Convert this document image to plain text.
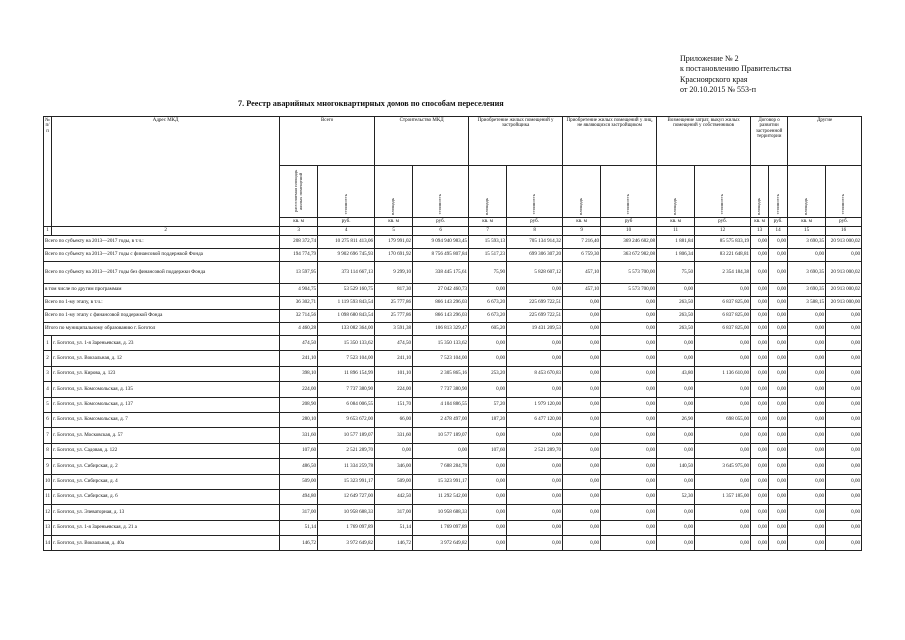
Приложение № 2
к постановлению Правительства
Красноярского края
от 20.10.2015 № 553-п
7. Реестр аварийных многоквартирных домов по способам переселения
№ п/п	Адрес МКД	Всего		Строительство МКД		Приобретение жилых помещений у застройщика		Приобретение жилых помещений у лиц, не являющихся застройщиком		Возмещение затрат, выкуп жилых помещений у собственников		Договор о развитии застроенной территории		Другие	
		расселяемая площадь жилых помещений	стоимость	площадь	стоимость	площадь	стоимость	площадь	стоимость	площадь	стоимость	площадь	стоимость	площадь	стоимость
		кв. м	руб.	кв. м	руб.	кв. м	руб.	кв. м	руб	кв. м	руб.	кв. м	руб.	кв. м	руб.
1	2	3	4	5	6	7	8	9	10	11	12	13	14	15	16
Всего по субъекту на 2013—2017 годы, в т.ч.:		208 372,74	10 275 811 413,06	179 991,02	9 094 940 983,45	15 593,13	705 134 914,32	7 216,40	369 246 682,08	1 881,84	85 575 833,19	0,00	0,00	3 690,35	20 913 000,02
Всего по субъекту на 2013—2017 годы с финансовой поддержкой Фонда		194 774,79	9 902 696 745,93	170 691,92	8 756 495 807,84	15 517,23	699 306 307,20	6 759,30	363 672 982,08	1 806,34	83 221 648,81	0,00	0,00	0,00	0,00
Всего по субъекту на 2013—2017 годы без финансовой поддержки Фонда		13 597,95	373 114 667,13	9 299,10	338 445 175,61	75,90	5 828 607,12	457,10	5 573 700,00	75,50	2 354 184,38	0,00	0,00	3 690,35	20 913 000,02
в том числе по другим программам		4 904,75	53 529 160,75	817,30	27 042 460,73	0,00	0,00	457,10	5 573 700,00	0,00	0,00	0,00	0,00	3 690,35	20 913 000,02
Всего по 1-му этапу, в т.ч.:		36 302,71	1 119 593 843,54	25 777,86	866 143 296,03	6 673,20	225 699 722,51	0,00	0,00	263,50	6 837 825,00	0,00	0,00	3 588,15	20 913 000,00
Всего по 1-му этапу с финансовой поддержкой Фонда		32 714,56	1 098 680 843,54	25 777,86	866 143 296,03	6 673,20	225 699 722,51	0,00	0,00	263,50	6 837 825,00	0,00	0,00	0,00	0,00
Итого по муниципальному образованию г. Боготол		4 460,28	133 082 364,00	3 591,38	106 813 329,47	605,20	19 431 209,53	0,00	0,00	263,50	6 837 825,00	0,00	0,00	0,00	0,00
1	г. Боготол, ул. 1-я Зареньевская, д. 23	474,50	15 350 133,62	474,50	15 350 133,62	0,00	0,00	0,00	0,00	0,00	0,00	0,00	0,00	0,00	0,00
2	г. Боготол, ул. Вокзальная, д. 12	241,10	7 523 104,00	241,10	7 523 104,00	0,00	0,00	0,00	0,00	0,00	0,00	0,00	0,00	0,00	0,00
3	г. Боготол, ул. Кирова, д. 123	398,10	11 896 154,99	101,10	2 305 865,16	253,20	8 453 670,83	0,00	0,00	43,80	1 136 610,00	0,00	0,00	0,00	0,00
4	г. Боготол, ул. Комсомольская, д. 135	224,00	7 737 380,90	224,00	7 737 380,90	0,00	0,00	0,00	0,00	0,00	0,00	0,00	0,00	0,00	0,00
5	г. Боготол, ул. Комсомольская, д. 137	208,90	6 084 006,55	151,70	4 104 886,55	57,20	1 979 120,00	0,00	0,00	0,00	0,00	0,00	0,00	0,00	0,00
6	г. Боготол, ул. Комсомольская, д. 7	280,10	9 653 672,00	66,00	2 478 497,00	187,20	6 477 120,00	0,00	0,00	26,90	698 055,00	0,00	0,00	0,00	0,00
7	г. Боготол, ул. Московская, д. 57	331,60	10 577 189,07	331,60	10 577 189,07	0,00	0,00	0,00	0,00	0,00	0,00	0,00	0,00	0,00	0,00
8	г. Боготол, ул. Садовая, д. 122	107,60	2 521 289,70	0,00	0,00	107,60	2 521 289,70	0,00	0,00	0,00	0,00	0,00	0,00	0,00	0,00
9	г. Боготол, ул. Сибирская, д. 2	486,50	11 334 259,78	346,00	7 688 284,78	0,00	0,00	0,00	0,00	140,50	3 645 975,00	0,00	0,00	0,00	0,00
10	г. Боготол, ул. Сибирская, д. 4	509,00	15 323 991,17	509,00	15 323 991,17	0,00	0,00	0,00	0,00	0,00	0,00	0,00	0,00	0,00	0,00
11	г. Боготол, ул. Сибирская, д. 6	494,80	12 649 727,00	442,50	11 292 542,00	0,00	0,00	0,00	0,00	52,30	1 357 185,00	0,00	0,00	0,00	0,00
12	г. Боготол, ул. Элеваторная, д. 13	317,00	10 958 688,33	317,00	10 958 688,33	0,00	0,00	0,00	0,00	0,00	0,00	0,00	0,00	0,00	0,00
13	г. Боготол, ул. 1-я Зареньевская, д. 21 а	51,14	1 769 097,89	51,14	1 769 097,89	0,00	0,00	0,00	0,00	0,00	0,00	0,00	0,00	0,00	0,00
14	г. Боготол, ул. Вокзальная, д. 40а	146,72	3 972 649,82	146,72	3 972 649,82	0,00	0,00	0,00	0,00	0,00	0,00	0,00	0,00	0,00	0,00
